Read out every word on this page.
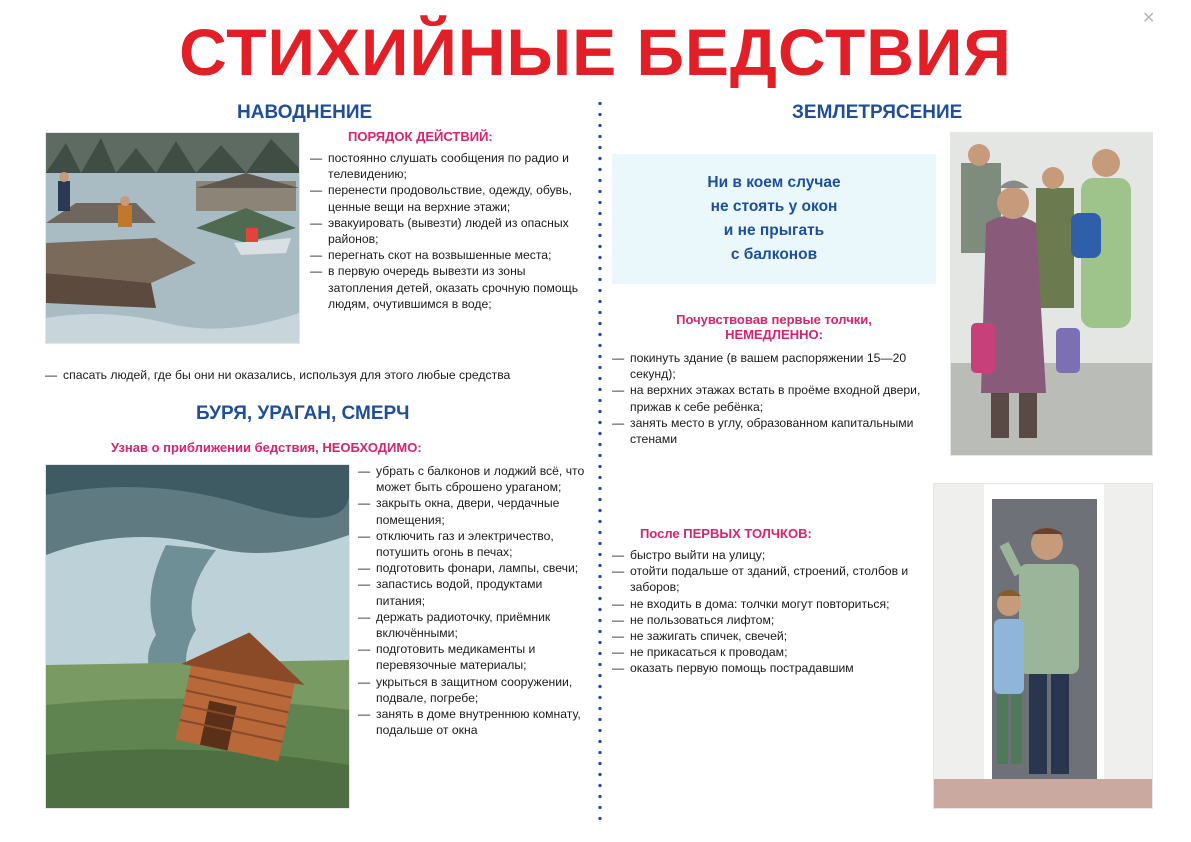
✕
СТИХИЙНЫЕ БЕДСТВИЯ
НАВОДНЕНИЕ
ПОРЯДОК ДЕЙСТВИЙ:
— постоянно слушать сообщения по радио и телевидению;
— перенести продовольствие, одежду, обувь, ценные вещи на верхние этажи;
— эвакуировать (вывезти) людей из опасных районов;
— перегнать скот на возвышенные места;
— в первую очередь вывезти из зоны затопления детей, оказать срочную помощь людям, очутившимся в воде;
— спасать людей, где бы они ни оказались, используя для этого любые средства
БУРЯ, УРАГАН, СМЕРЧ
Узнав о приближении бедствия, НЕОБХОДИМО:
— убрать с балконов и лоджий всё, что может быть сброшено ураганом;
— закрыть окна, двери, чердачные помещения;
— отключить газ и электричество, потушить огонь в печах;
— подготовить фонари, лампы, свечи;
— запастись водой, продуктами питания;
— держать радиоточку, приёмник включёнными;
— подготовить медикаменты и перевязочные материалы;
— укрыться в защитном сооружении, подвале, погребе;
— занять в доме внутреннюю комнату, подальше от окна
ЗЕМЛЕТРЯСЕНИЕ
Ни в коем случае
не стоять у окон
и не прыгать
с балконов
Почувствовав первые толчки,
НЕМЕДЛЕННО:
— покинуть здание (в вашем распоряжении 15—20 секунд);
— на верхних этажах встать в проёме входной двери, прижав к себе ребёнка;
— занять место в углу, образованном капитальными стенами
После ПЕРВЫХ ТОЛЧКОВ:
— быстро выйти на улицу;
— отойти подальше от зданий, строений, столбов и заборов;
— не входить в дома: толчки могут повториться;
— не пользоваться лифтом;
— не зажигать спичек, свечей;
— не прикасаться к проводам;
— оказать первую помощь пострадавшим
